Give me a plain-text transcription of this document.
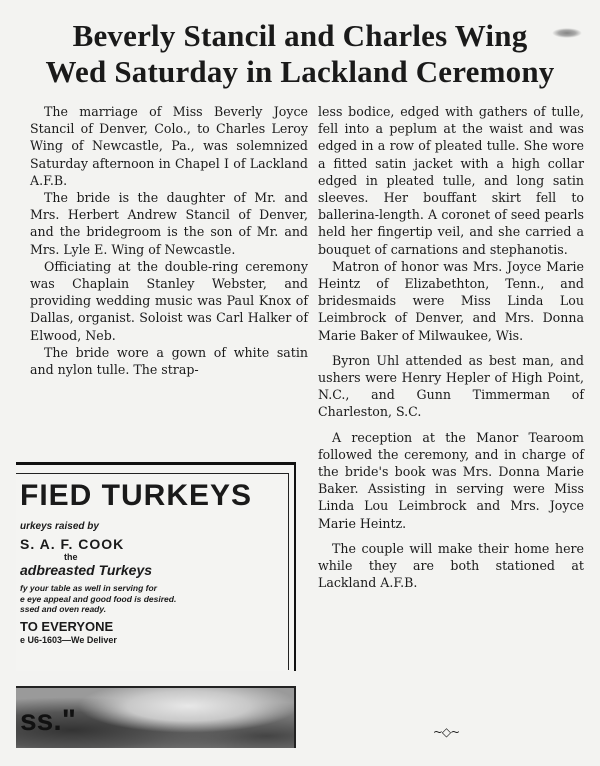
Beverly Stancil and Charles Wing
Wed Saturday in Lackland Ceremony

The marriage of Miss Beverly Joyce Stancil of Denver, Colo., to Charles Leroy Wing of Newcastle, Pa., was solemnized Saturday afternoon in Chapel I of Lackland A.F.B.

The bride is the daughter of Mr. and Mrs. Herbert Andrew Stancil of Denver, and the bridegroom is the son of Mr. and Mrs. Lyle E. Wing of Newcastle.

Officiating at the double-ring ceremony was Chaplain Stanley Webster, and providing wedding music was Paul Knox of Dallas, organist. Soloist was Carl Halker of Elwood, Neb.

The bride wore a gown of white satin and nylon tulle. The strap-

less bodice, edged with gathers of tulle, fell into a peplum at the waist and was edged in a row of pleated tulle. She wore a fitted satin jacket with a high collar edged in pleated tulle, and long satin sleeves. Her bouffant skirt fell to ballerina-length. A coronet of seed pearls held her fingertip veil, and she carried a bouquet of carnations and stephanotis.

Matron of honor was Mrs. Joyce Marie Heintz of Elizabethton, Tenn., and bridesmaids were Miss Linda Lou Leimbrock of Denver, and Mrs. Donna Marie Baker of Milwaukee, Wis.

Byron Uhl attended as best man, and ushers were Henry Hepler of High Point, N.C., and Gunn Timmerman of Charleston, S.C.

A reception at the Manor Tearoom followed the ceremony, and in charge of the bride's book was Mrs. Donna Marie Baker. Assisting in serving were Miss Linda Lou Leimbrock and Mrs. Joyce Marie Heintz.

The couple will make their home here while they are both stationed at Lackland A.F.B.

~◇~
FIED TURKEYS
urkeys raised by
S. A. F. COOK
the
adbreasted Turkeys
fy your table as well in serving for
e eye appeal and good food is desired.
ssed and oven ready.
TO EVERYONE
e U6-1603—We Deliver
ss."
